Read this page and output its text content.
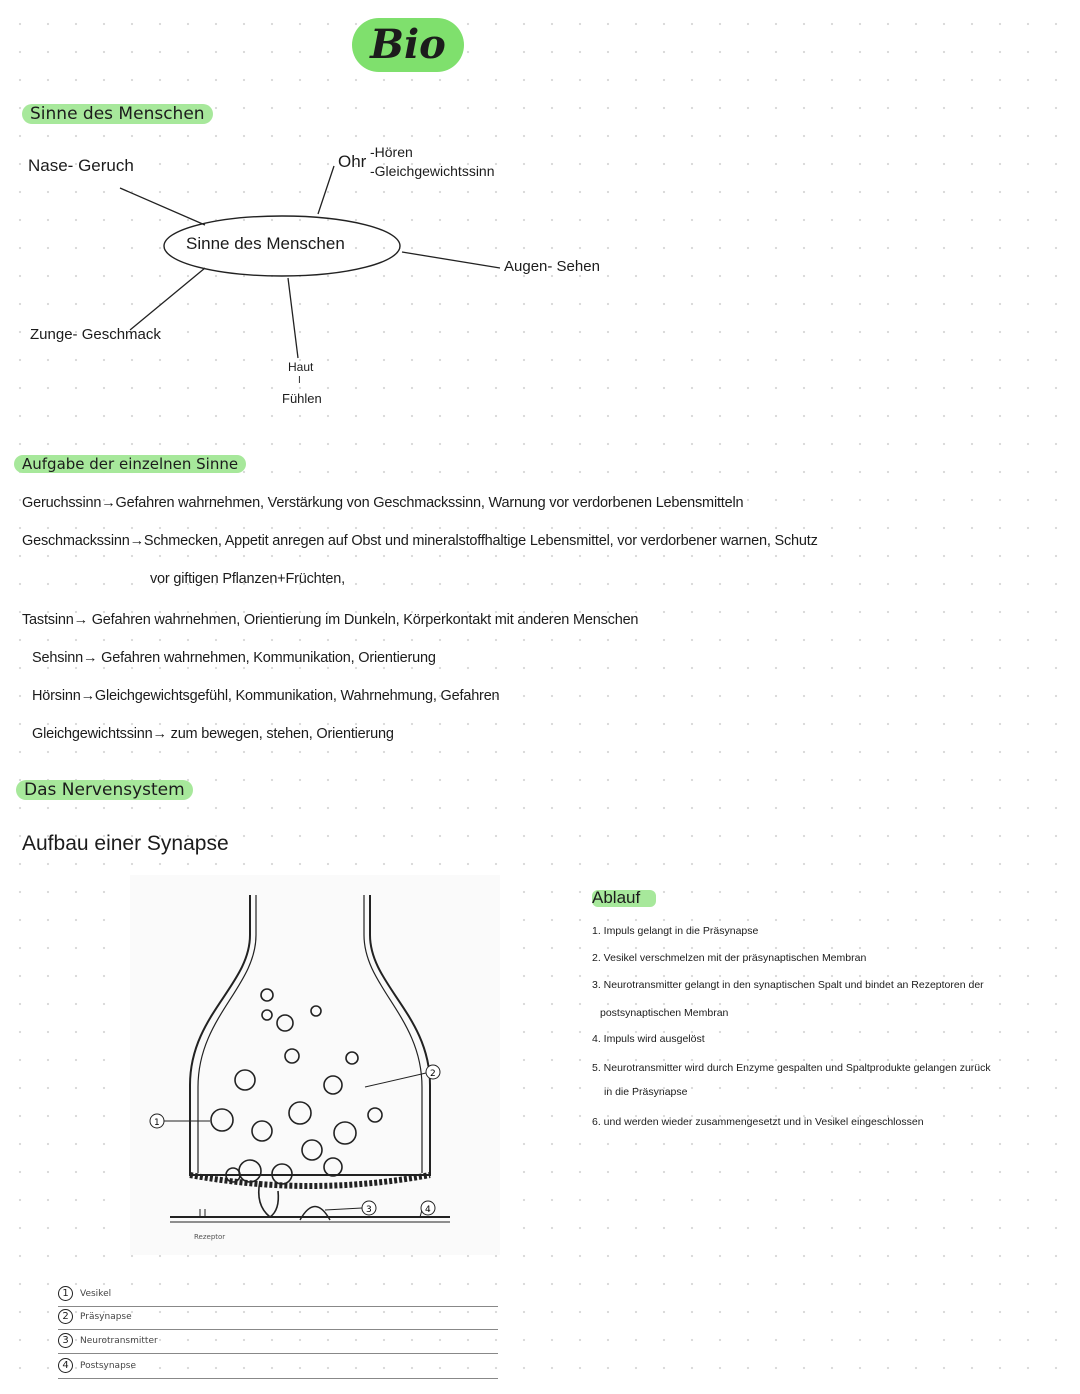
Bio
Sinne des Menschen
Sinne des Menschen
Nase- Geruch	Ohr -Hören
-Gleichgewichtssinn
Augen- Sehen
Zunge- Geschmack
Haut
I
Fühlen
Aufgabe der einzelnen Sinne
Geruchssinn→Gefahren wahrnehmen, Verstärkung von Geschmackssinn, Warnung vor verdorbenen Lebensmitteln
Geschmackssinn→Schmecken, Appetit anregen auf Obst und mineralstoffhaltige Lebensmittel, vor verdorbener warnen, Schutz
vor giftigen Pflanzen+Früchten,
Tastsinn→ Gefahren wahrnehmen, Orientierung im Dunkeln, Körperkontakt mit anderen Menschen
Sehsinn→ Gefahren wahrnehmen, Kommunikation, Orientierung
Hörsinn→Gleichgewichtsgefühl, Kommunikation, Wahrnehmung, Gefahren
Gleichgewichtssinn→ zum bewegen, stehen, Orientierung
Das Nervensystem
Aufbau einer Synapse
Rezeptor
1
2
3	4
Ablauf
1. Impuls gelangt in die Präsynapse
2. Vesikel verschmelzen mit der präsynaptischen Membran
3. Neurotransmitter gelangt in den synaptischen Spalt und bindet an Rezeptoren der
postsynaptischen Membran
4. Impuls wird ausgelöst
5. Neurotransmitter wird durch Enzyme gespalten und Spaltprodukte gelangen zurück
in die Präsynapse
6. und werden wieder zusammengesetzt und in Vesikel eingeschlossen
1	Vesikel
2	Präsynapse
3	Neurotransmitter
4	Postsynapse
